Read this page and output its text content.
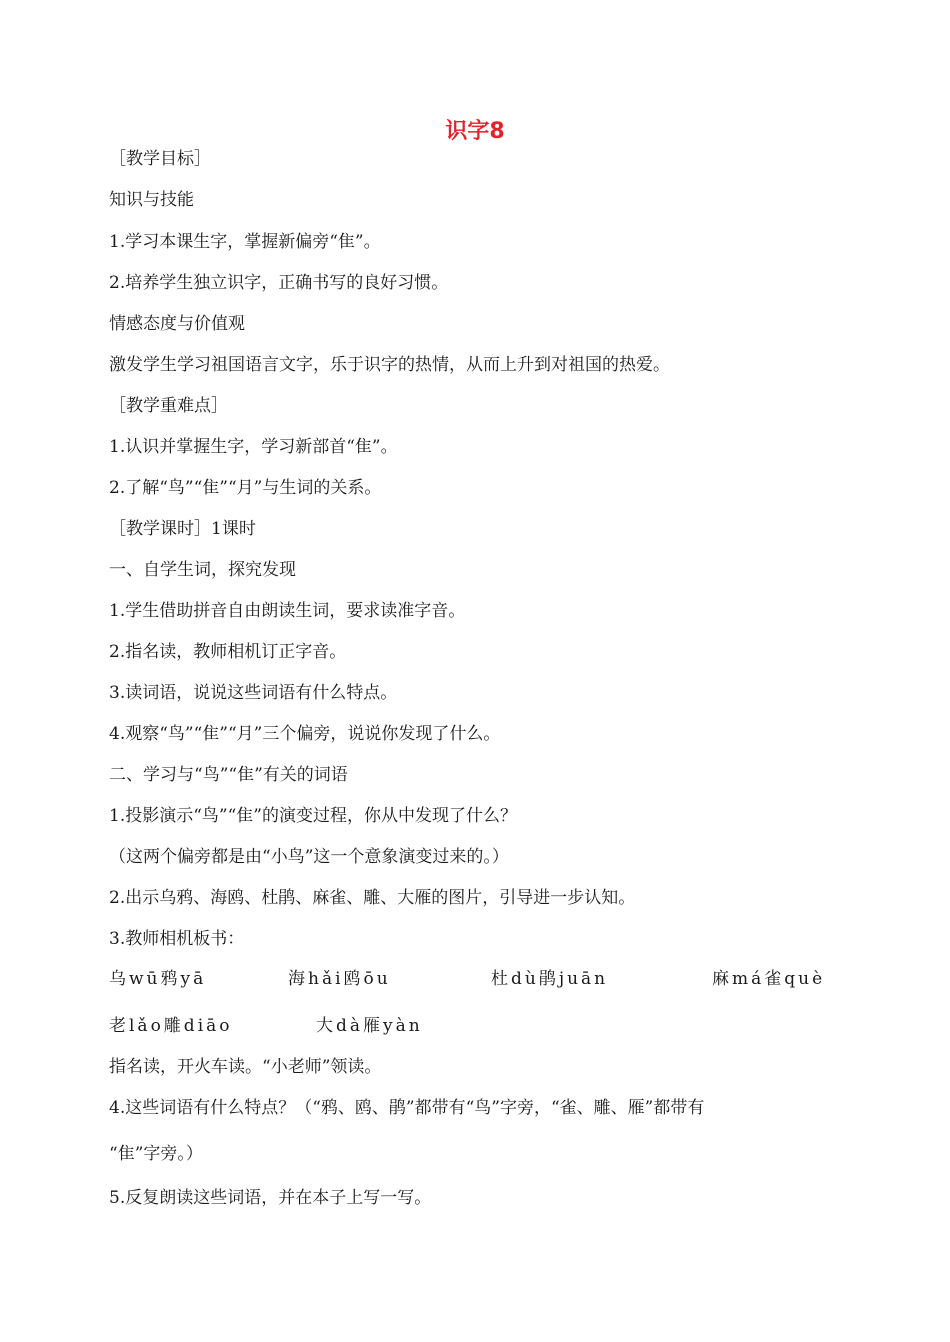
识字8
［教学目标］
知识与技能
1.学习本课生字，掌握新偏旁“隹”。
2.培养学生独立识字，正确书写的良好习惯。
情感态度与价值观
激发学生学习祖国语言文字，乐于识字的热情，从而上升到对祖国的热爱。
［教学重难点］
1.认识并掌握生字，学习新部首“隹”。
2.了解“鸟”“隹”“月”与生词的关系。
［教学课时］1课时
一、自学生词，探究发现
1.学生借助拼音自由朗读生词，要求读准字音。
2.指名读，教师相机订正字音。
3.读词语，说说这些词语有什么特点。
4.观察“鸟”“隹”“月”三个偏旁，说说你发现了什么。
二、学习与“鸟”“隹”有关的词语
1.投影演示“鸟”“隹”的演变过程，你从中发现了什么？
（这两个偏旁都是由“小鸟”这一个意象演变过来的。）
2.出示乌鸦、海鸥、杜鹃、麻雀、雕、大雁的图片，引导进一步认知。
3.教师相机板书：
乌wū鸦yā	海hǎi鸥ōu	杜dù鹃juān	麻má雀què
老lǎo雕diāo	大dà雁yàn
指名读，开火车读。“小老师”领读。
4.这些词语有什么特点？（“鸦、鸥、鹃”都带有“鸟”字旁，“雀、雕、雁”都带有
“隹”字旁。）
5.反复朗读这些词语，并在本子上写一写。
